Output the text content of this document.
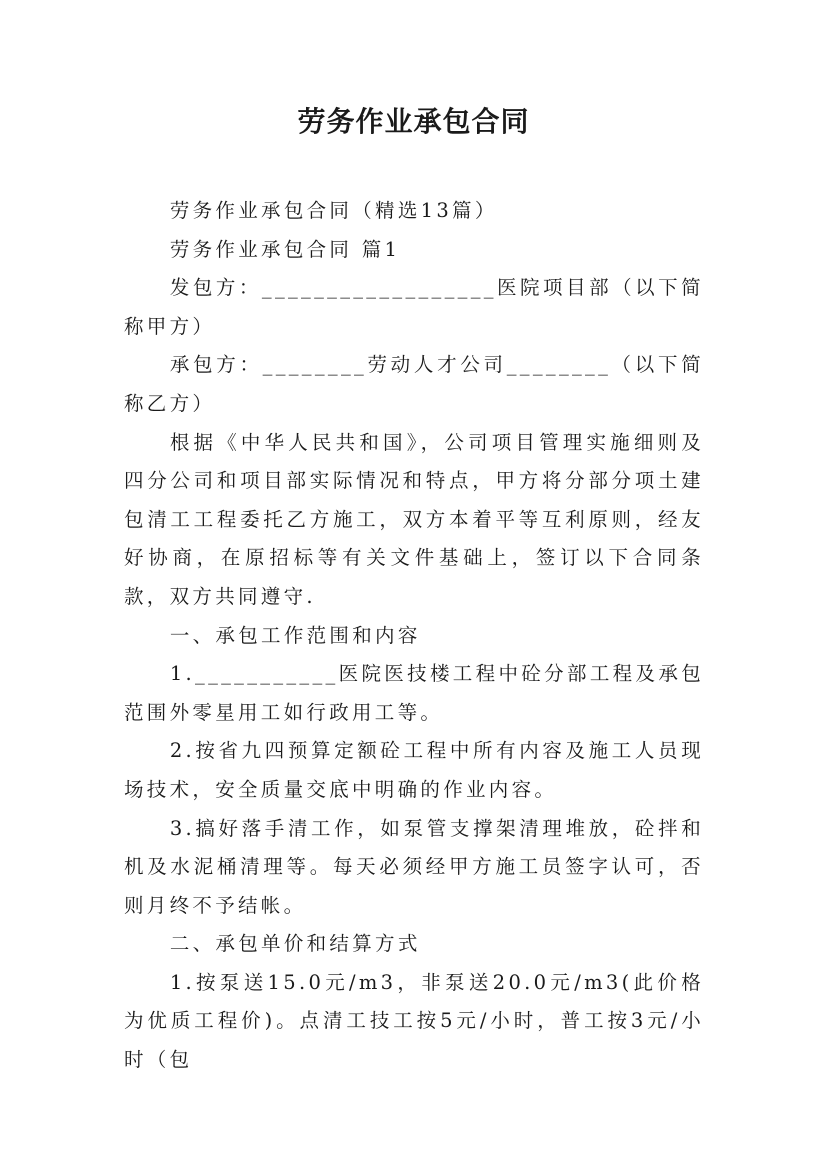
劳务作业承包合同

劳务作业承包合同（精选13篇）

劳务作业承包合同 篇1

发包方：__________________医院项目部（以下简称甲方）

承包方：________劳动人才公司________（以下简称乙方）

根据《中华人民共和国》，公司项目管理实施细则及四分公司和项目部实际情况和特点，甲方将分部分项土建包清工工程委托乙方施工，双方本着平等互利原则，经友好协商，在原招标等有关文件基础上，签订以下合同条款，双方共同遵守.

一、承包工作范围和内容

1.___________医院医技楼工程中砼分部工程及承包范围外零星用工如行政用工等。

2.按省九四预算定额砼工程中所有内容及施工人员现场技术，安全质量交底中明确的作业内容。

3.搞好落手清工作，如泵管支撑架清理堆放，砼拌和机及水泥桶清理等。每天必须经甲方施工员签字认可，否则月终不予结帐。

二、承包单价和结算方式

1.按泵送15.0元/m3，非泵送20.0元/m3(此价格为优质工程价)。点清工技工按5元/小时，普工按3元/小时（包
